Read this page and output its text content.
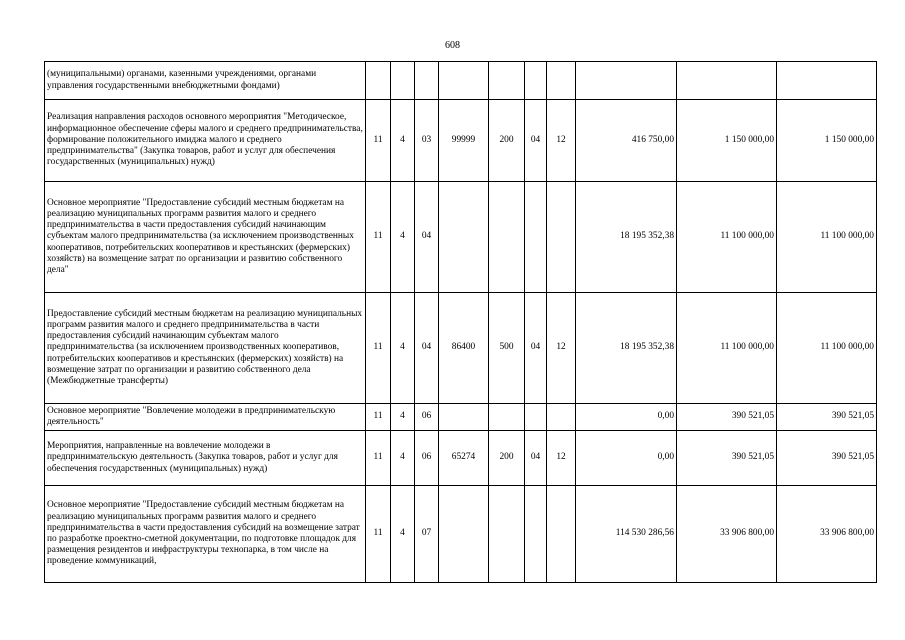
608
(муниципальными) органами, казенными учреждениями, органами управления государственными внебюджетными фондами)										
Реализация направления расходов основного мероприятия "Методическое, информационное обеспечение сферы малого и среднего предпринимательства, формирование положительного имиджа малого и среднего предпринимательства" (Закупка товаров, работ и услуг для обеспечения государственных (муниципальных) нужд)	11	4	03	99999	200	04	12	416 750,00	1 150 000,00	1 150 000,00
Основное мероприятие "Предоставление субсидий местным бюджетам на реализацию муниципальных программ развития малого и среднего предпринимательства в части предоставления субсидий начинающим субъектам малого предпринимательства (за исключением производственных кооперативов, потребительских кооперативов и крестьянских (фермерских) хозяйств) на возмещение затрат по организации и развитию собственного дела"	11	4	04					18 195 352,38	11 100 000,00	11 100 000,00
Предоставление субсидий местным бюджетам на реализацию муниципальных программ развития малого и среднего предпринимательства в части предоставления субсидий начинающим субъектам малого предпринимательства (за исключением производственных кооперативов, потребительских кооперативов и крестьянских (фермерских) хозяйств) на возмещение затрат по организации и развитию собственного дела (Межбюджетные трансферты)	11	4	04	86400	500	04	12	18 195 352,38	11 100 000,00	11 100 000,00
Основное мероприятие "Вовлечение молодежи в предпринимательскую деятельность"	11	4	06					0,00	390 521,05	390 521,05
Мероприятия, направленные на вовлечение молодежи в предпринимательскую деятельность (Закупка товаров, работ и услуг для обеспечения государственных (муниципальных) нужд)	11	4	06	65274	200	04	12	0,00	390 521,05	390 521,05
Основное мероприятие "Предоставление субсидий местным бюджетам на реализацию муниципальных программ развития малого и среднего предпринимательства в части предоставления субсидий на возмещение затрат по разработке проектно-сметной документации, по подготовке площадок для размещения резидентов и инфраструктуры технопарка, в том числе на проведение коммуникаций,	11	4	07					114 530 286,56	33 906 800,00	33 906 800,00
